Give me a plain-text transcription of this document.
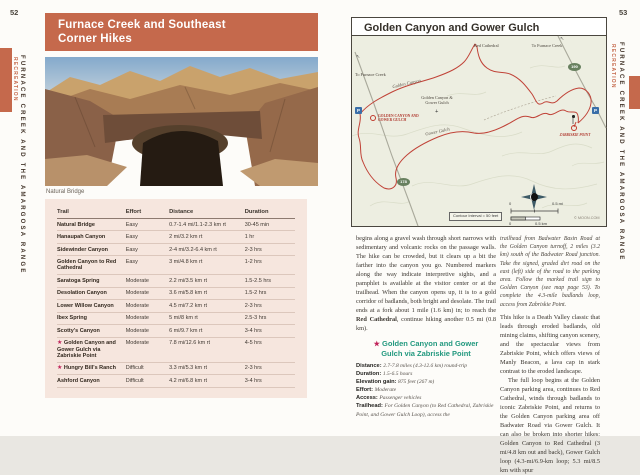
52
RECREATION FURNACE CREEK AND THE AMARGOSA RANGE
Furnace Creek and Southeast
Corner Hikes
Natural Bridge
Trail	Effort	Distance	Duration
Natural Bridge	Easy	0.7-1.4 mi/1.1-2.3 km rt	30-45 min
Hanaupah Canyon	Easy	2 mi/3.2 km rt	1 hr
Sidewinder Canyon	Easy	2-4 mi/3.2-6.4 km rt	2-3 hrs
Golden Canyon to Red Cathedral	Easy	3 mi/4.8 km rt	1-2 hrs
Saratoga Spring	Moderate	2.2 mi/3.5 km rt	1.5-2.5 hrs
Desolation Canyon	Moderate	3.6 mi/5.8 km rt	1.5-2 hrs
Lower Willow Canyon	Moderate	4.5 mi/7.2 km rt	2-3 hrs
Ibex Spring	Moderate	5 mi/8 km rt	2.5-3 hrs
Scotty's Canyon	Moderate	6 mi/9.7 km rt	3-4 hrs
★ Golden Canyon and Gower Gulch via Zabriskie Point	Moderate	7.8 mi/12.6 km rt	4-5 hrs
★ Hungry Bill's Ranch	Difficult	3.3 mi/5.3 km rt	2-3 hrs
Ashford Canyon	Difficult	4.2 mi/6.8 km rt	3-4 hrs
53
RECREATION FURNACE CREEK AND THE AMARGOSA RANGE
Golden Canyon and Gower Gulch
↖
To Furnace Creek
↖
To Furnace Creek
Red Cathedral
Golden Canyon
Golden Canyon & Gower Gulch
+
Gower Gulch
P
GOLDEN CANYON AND GOWER GULCH
P
ZABRISKIE POINT
190
178
Contour Interval = 50 feet
0	0.5 mi
0	0.5 km
© MOON.COM

begins along a gravel wash through short narrows with sedimentary and volcanic rocks on the passage walls. The hike can be crowded, but it clears up a bit the farther into the canyon you go. Numbered markers along the way indicate interpretive sights, and a pamphlet is available at the visitor center or at the trailhead. When the canyon opens up, it is to a gold corridor of badlands, both bright and desolate. The trail ends at a fork about 1 mile (1.6 km) in; to reach the Red Cathedral, continue hiking another 0.5 mi (0.8 km).

★ Golden Canyon and Gower
Gulch via Zabriskie Point
Distance: 2.7-7.8 miles (4.3-12.6 km) round-trip
Duration: 1.5-6.5 hours
Elevation gain: 875 feet (267 m)
Effort: Moderate
Access: Passenger vehicles
Trailhead: For Golden Canyon (to Red Cathedral, Zabriskie Point, and Gower Gulch Loop), access the

trailhead from Badwater Basin Road at the Golden Canyon turnoff, 2 miles (3.2 km) south of the Badwater Road junction. Take the signed, graded dirt road on the east (left) side of the road to the parking area. Follow the marked trail sign to Golden Canyon (see map page 53). To complete the 4.3-mile badlands loop, access from Zabriskie Point.

This hike is a Death Valley classic that leads through eroded badlands, old mining claims, shifting canyon scenery, and the spectacular views from Zabriskie Point, which offers views of Manly Beacon, a lava cap in stark contrast to the eroded landscape.

The full loop begins at the Golden Canyon parking area, continues to Red Cathedral, winds through badlands to iconic Zabriskie Point, and returns to the Golden Canyon parking area off Badwater Road via Gower Gulch. It can also be broken into shorter hikes: Golden Canyon to Red Cathedral (3 mi/4.8 km out and back), Gower Gulch loop (4.3-mi/6.9-km loop; 5.3 mi/8.5 km with spur
